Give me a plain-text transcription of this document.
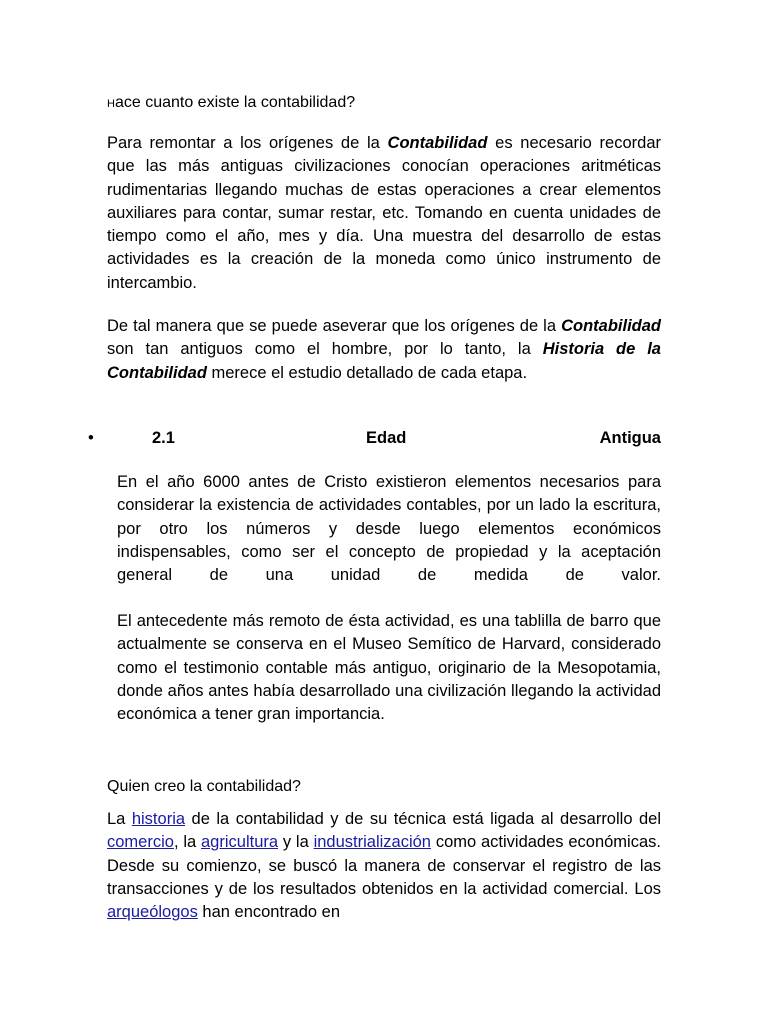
Hace cuanto existe la contabilidad?
Para remontar a los orígenes de la Contabilidad es necesario recordar que las más antiguas civilizaciones conocían operaciones aritméticas rudimentarias llegando muchas de estas operaciones a crear elementos auxiliares para contar, sumar restar, etc. Tomando en cuenta unidades de tiempo como el año, mes y día. Una muestra del desarrollo de estas actividades es la creación de la moneda como único instrumento de intercambio.
De tal manera que se puede aseverar que los orígenes de la Contabilidad son tan antiguos como el hombre, por lo tanto, la Historia de la Contabilidad merece el estudio detallado de cada etapa.
•	2.1	Edad	Antigua
En el año 6000 antes de Cristo existieron elementos necesarios para considerar la existencia de actividades contables, por un lado la escritura, por otro los números y desde luego elementos económicos indispensables, como ser el concepto de propiedad y la aceptación general de una unidad de medida de valor.
El antecedente más remoto de ésta actividad, es una tablilla de barro que actualmente se conserva en el Museo Semítico de Harvard, considerado como el testimonio contable más antiguo, originario de la Mesopotamia, donde años antes había desarrollado una civilización llegando la actividad económica a tener gran importancia.
Quien creo la contabilidad?
La historia de la contabilidad y de su técnica está ligada al desarrollo del comercio, la agricultura y la industrialización como actividades económicas. Desde su comienzo, se buscó la manera de conservar el registro de las transacciones y de los resultados obtenidos en la actividad comercial. Los arqueólogos han encontrado en
